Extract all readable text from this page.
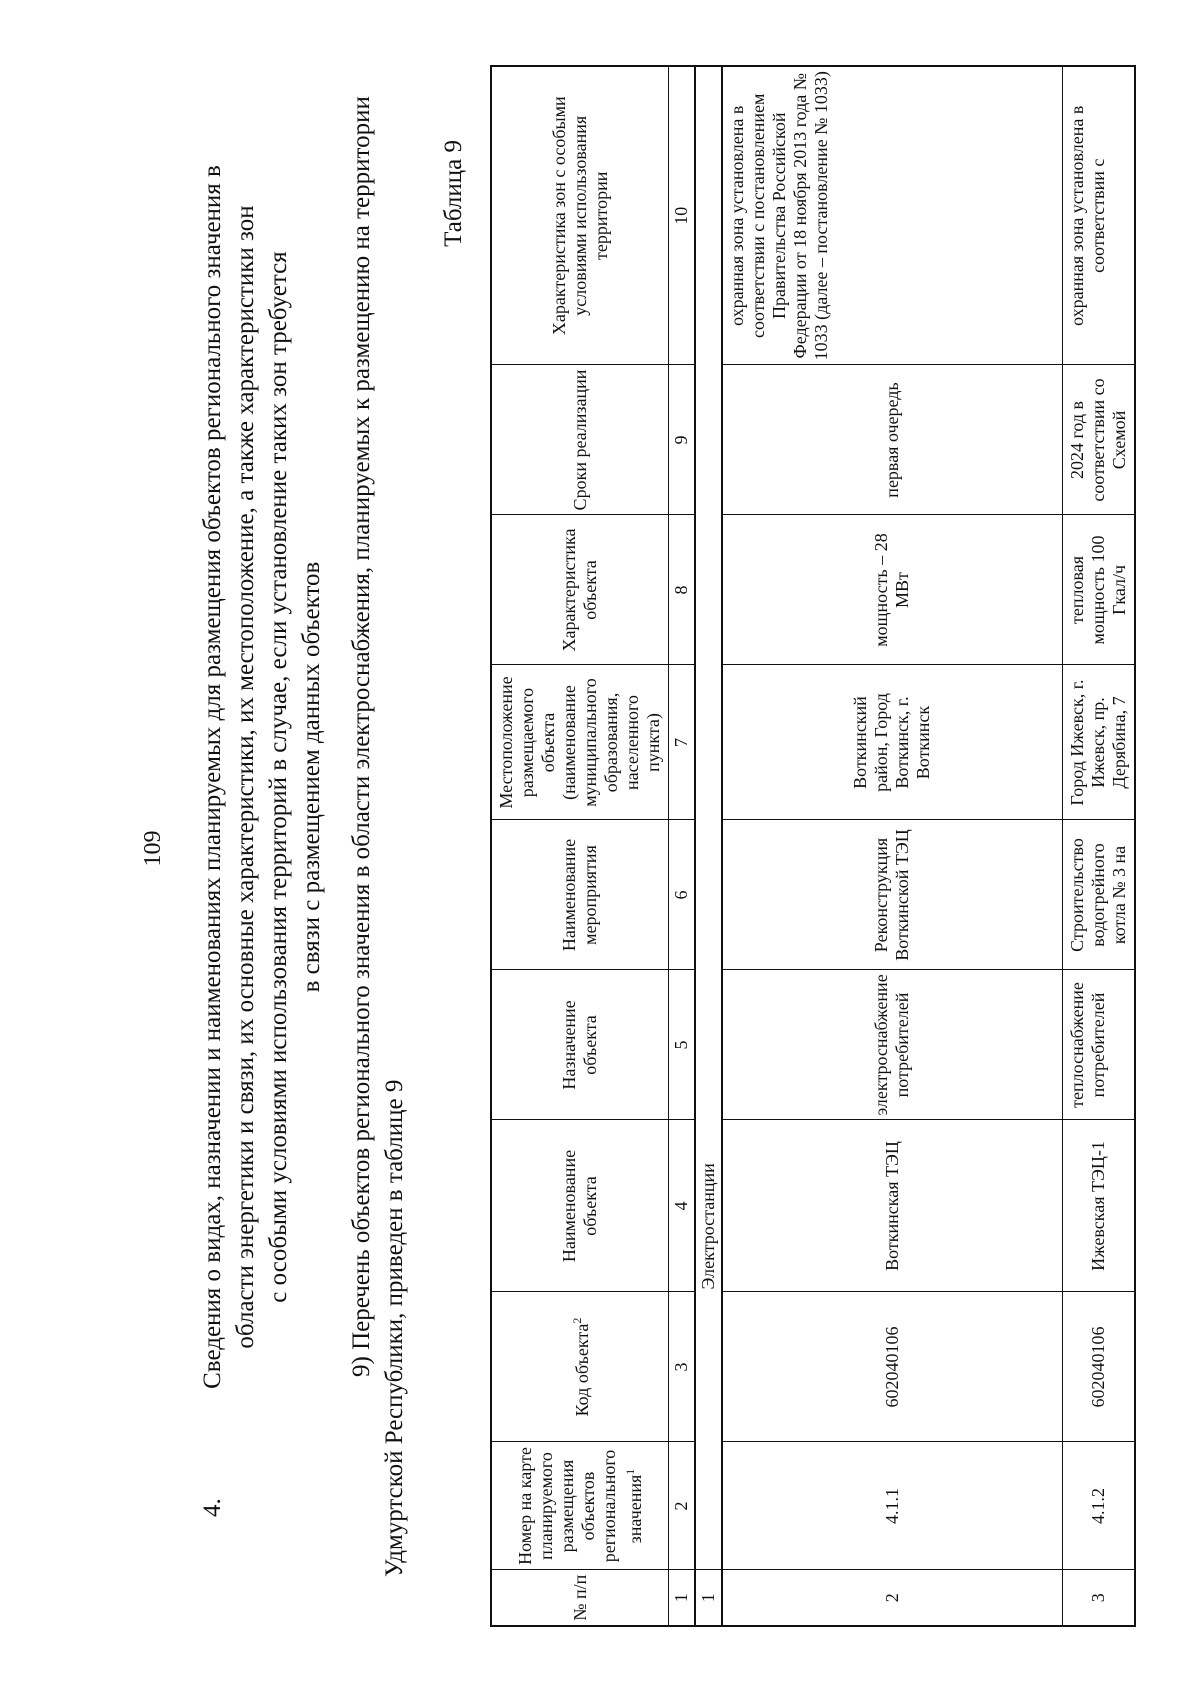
109
4.
Сведения о видах, назначении и наименованиях планируемых для размещения объектов регионального значения в области энергетики и связи, их основные характеристики, их местоположение, а также характеристики зон с особыми условиями использования территорий в случае, если установление таких зон требуется в связи с размещением данных объектов 9) Перечень объектов регионального значения в области электроснабжения, планируемых к размещению на территории Удмуртской Республики, приведен в таблице 9
Таблица 9
№ п/п	Номер на карте планируемого размещения объектов регионального значения$^1$	Код объекта$^2$	Наименование объекта	Назначение объекта	Наименование мероприятия	Местоположение размещаемого объекта (наименование муниципального образования, населенного пункта)	Характеристика объекта	Сроки реализации	Характеристика зон с особыми условиями использования территории
1	2	3	4	5	6	7	8	9	10
1	Электростанции								
2	4.1.1	602040106	Воткинская ТЭЦ	электроснабжение потребителей	Реконструкция Воткинской ТЭЦ	Воткинский район, Город Воткинск, г. Воткинск	мощность – 28 МВт	первая очередь	охранная зона установлена в соответствии с постановлением Правительства Российской Федерации от 18 ноября 2013 года № 1033 (далее – постановление № 1033)
3	4.1.2	602040106	Ижевская ТЭЦ-1	теплоснабжение потребителей	Строительство водогрейного котла № 3 на	Город Ижевск, г. Ижевск, пр. Дерябина, 7	тепловая мощность 100 Гкал/ч	2024 год в соответствии со Схемой	охранная зона установлена в соответствии с
